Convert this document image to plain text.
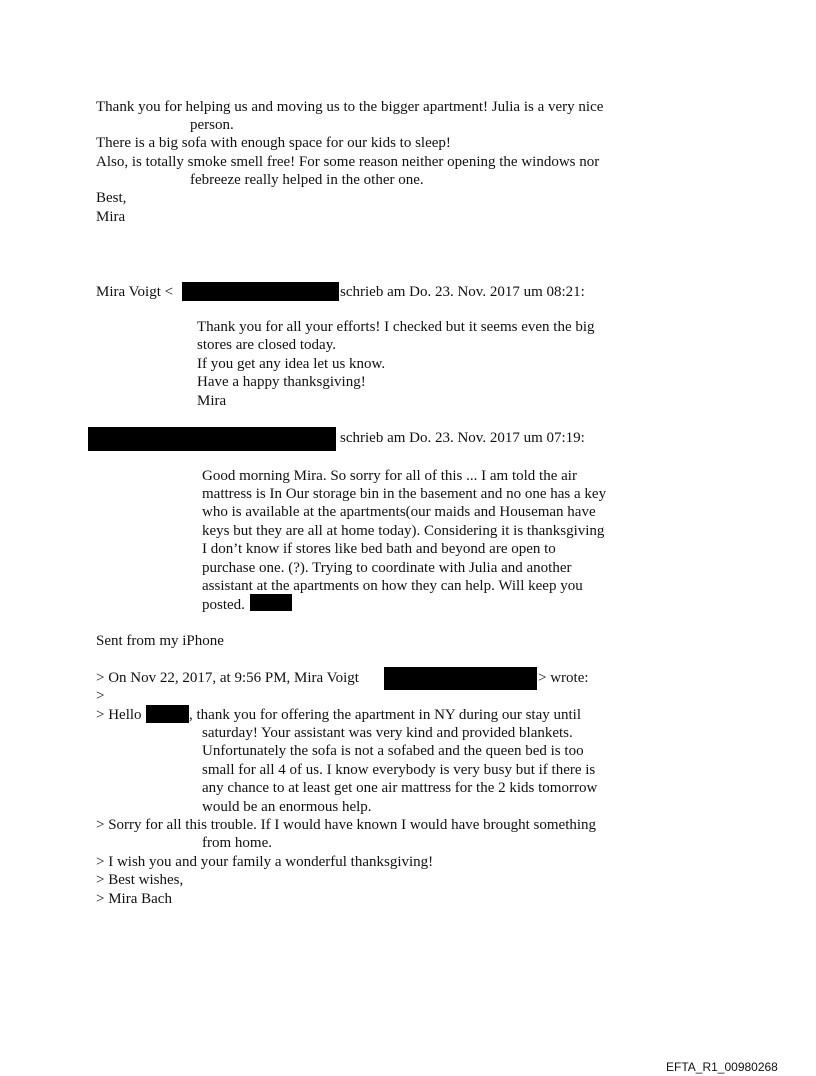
Thank you for helping us and moving us to the bigger apartment! Julia is a very nice
person.
There is a big sofa with enough space for our kids to sleep!
Also, is totally smoke smell free! For some reason neither opening the windows nor
febreeze really helped in the other one.
Best,
Mira
Mira Voigt <	schrieb am Do. 23. Nov. 2017 um 08:21:
Thank you for all your efforts! I checked but it seems even the big
stores are closed today.
If you get any idea let us know.
Have a happy thanksgiving!
Mira
schrieb am Do. 23. Nov. 2017 um 07:19:
Good morning Mira. So sorry for all of this ... I am told the air
mattress is In Our storage bin in the basement and no one has a key
who is available at the apartments(our maids and Houseman have
keys but they are all at home today). Considering it is thanksgiving
I don’t know if stores like bed bath and beyond are open to
purchase one. (?). Trying to coordinate with Julia and another
assistant at the apartments on how they can help. Will keep you
posted.
Sent from my iPhone
> On Nov 22, 2017, at 9:56 PM, Mira Voigt	> wrote:
>
> Hello	, thank you for offering the apartment in NY during our stay until
saturday! Your assistant was very kind and provided blankets.
Unfortunately the sofa is not a sofabed and the queen bed is too
small for all 4 of us. I know everybody is very busy but if there is
any chance to at least get one air mattress for the 2 kids tomorrow
would be an enormous help.
> Sorry for all this trouble. If I would have known I would have brought something
from home.
> I wish you and your family a wonderful thanksgiving!
> Best wishes,
> Mira Bach
EFTA_R1_00980268
